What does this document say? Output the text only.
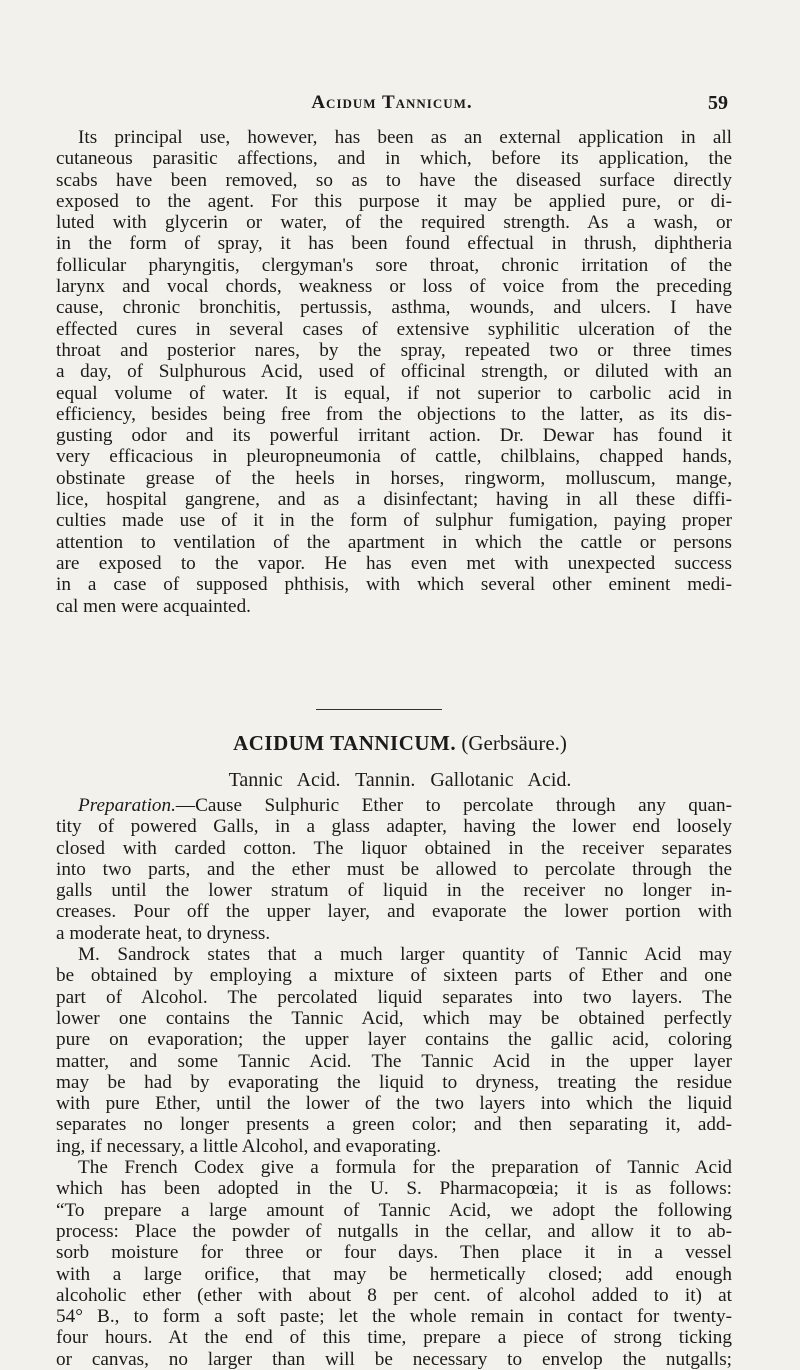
Acidum Tannicum.	59
Its principal use, however, has been as an external application in all
cutaneous parasitic affections, and in which, before its application, the
scabs have been removed, so as to have the diseased surface directly
exposed to the agent. For this purpose it may be applied pure, or di-
luted with glycerin or water, of the required strength. As a wash, or
in the form of spray, it has been found effectual in thrush, diphtheria
follicular pharyngitis, clergyman's sore throat, chronic irritation of the
larynx and vocal chords, weakness or loss of voice from the preceding
cause, chronic bronchitis, pertussis, asthma, wounds, and ulcers. I have
effected cures in several cases of extensive syphilitic ulceration of the
throat and posterior nares, by the spray, repeated two or three times
a day, of Sulphurous Acid, used of officinal strength, or diluted with an
equal volume of water. It is equal, if not superior to carbolic acid in
efficiency, besides being free from the objections to the latter, as its dis-
gusting odor and its powerful irritant action. Dr. Dewar has found it
very efficacious in pleuropneumonia of cattle, chilblains, chapped hands,
obstinate grease of the heels in horses, ringworm, molluscum, mange,
lice, hospital gangrene, and as a disinfectant; having in all these diffi-
culties made use of it in the form of sulphur fumigation, paying proper
attention to ventilation of the apartment in which the cattle or persons
are exposed to the vapor. He has even met with unexpected success
in a case of supposed phthisis, with which several other eminent medi-
cal men were acquainted.
ACIDUM TANNICUM. (Gerbsäure.)
Tannic Acid. Tannin. Gallotanic Acid.
Preparation.—Cause Sulphuric Ether to percolate through any quan-
tity of powered Galls, in a glass adapter, having the lower end loosely
closed with carded cotton. The liquor obtained in the receiver separates
into two parts, and the ether must be allowed to percolate through the
galls until the lower stratum of liquid in the receiver no longer in-
creases. Pour off the upper layer, and evaporate the lower portion with
a moderate heat, to dryness.
M. Sandrock states that a much larger quantity of Tannic Acid may
be obtained by employing a mixture of sixteen parts of Ether and one
part of Alcohol. The percolated liquid separates into two layers. The
lower one contains the Tannic Acid, which may be obtained perfectly
pure on evaporation; the upper layer contains the gallic acid, coloring
matter, and some Tannic Acid. The Tannic Acid in the upper layer
may be had by evaporating the liquid to dryness, treating the residue
with pure Ether, until the lower of the two layers into which the liquid
separates no longer presents a green color; and then separating it, add-
ing, if necessary, a little Alcohol, and evaporating.
The French Codex give a formula for the preparation of Tannic Acid
which has been adopted in the U. S. Pharmacopœia; it is as follows:
“To prepare a large amount of Tannic Acid, we adopt the following
process: Place the powder of nutgalls in the cellar, and allow it to ab-
sorb moisture for three or four days. Then place it in a vessel
with a large orifice, that may be hermetically closed; add enough
alcoholic ether (ether with about 8 per cent. of alcohol added to it) at
54° B., to form a soft paste; let the whole remain in contact for twenty-
four hours. At the end of this time, prepare a piece of strong ticking
or canvas, no larger than will be necessary to envelop the nutgalls;
